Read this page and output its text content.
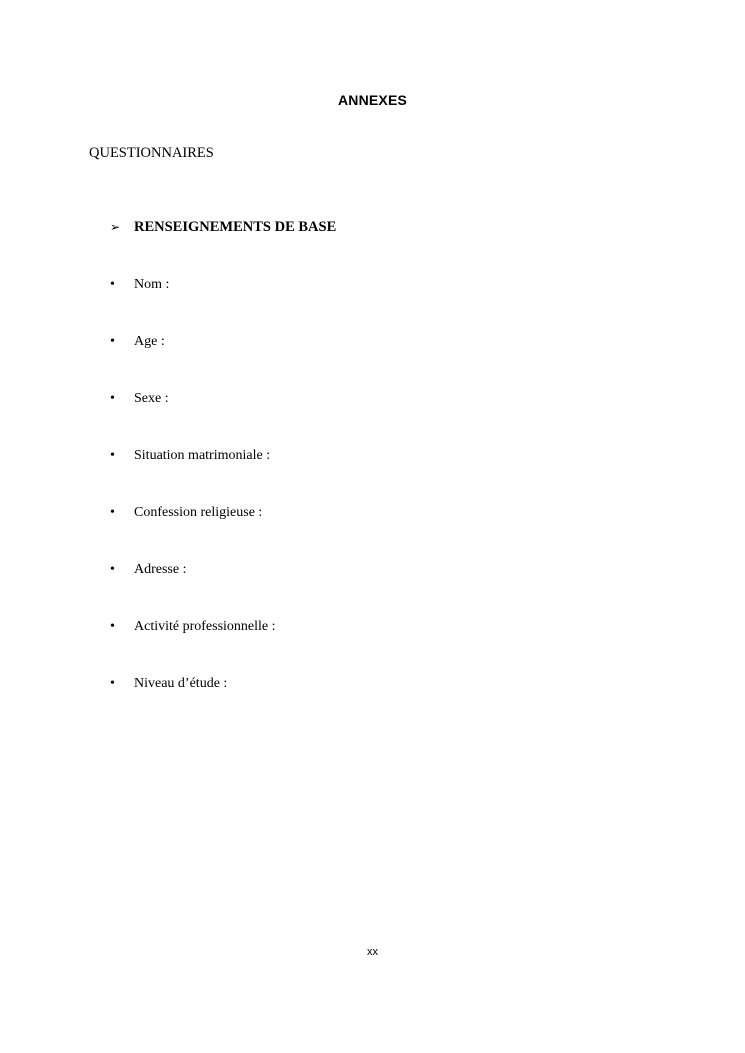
ANNEXES
QUESTIONNAIRES
➢ RENSEIGNEMENTS DE BASE
•	Nom :
•	Age :
•	Sexe :
•	Situation matrimoniale :
•	Confession religieuse :
•	Adresse :
•	Activité professionnelle :
•	Niveau d’étude :
xx
